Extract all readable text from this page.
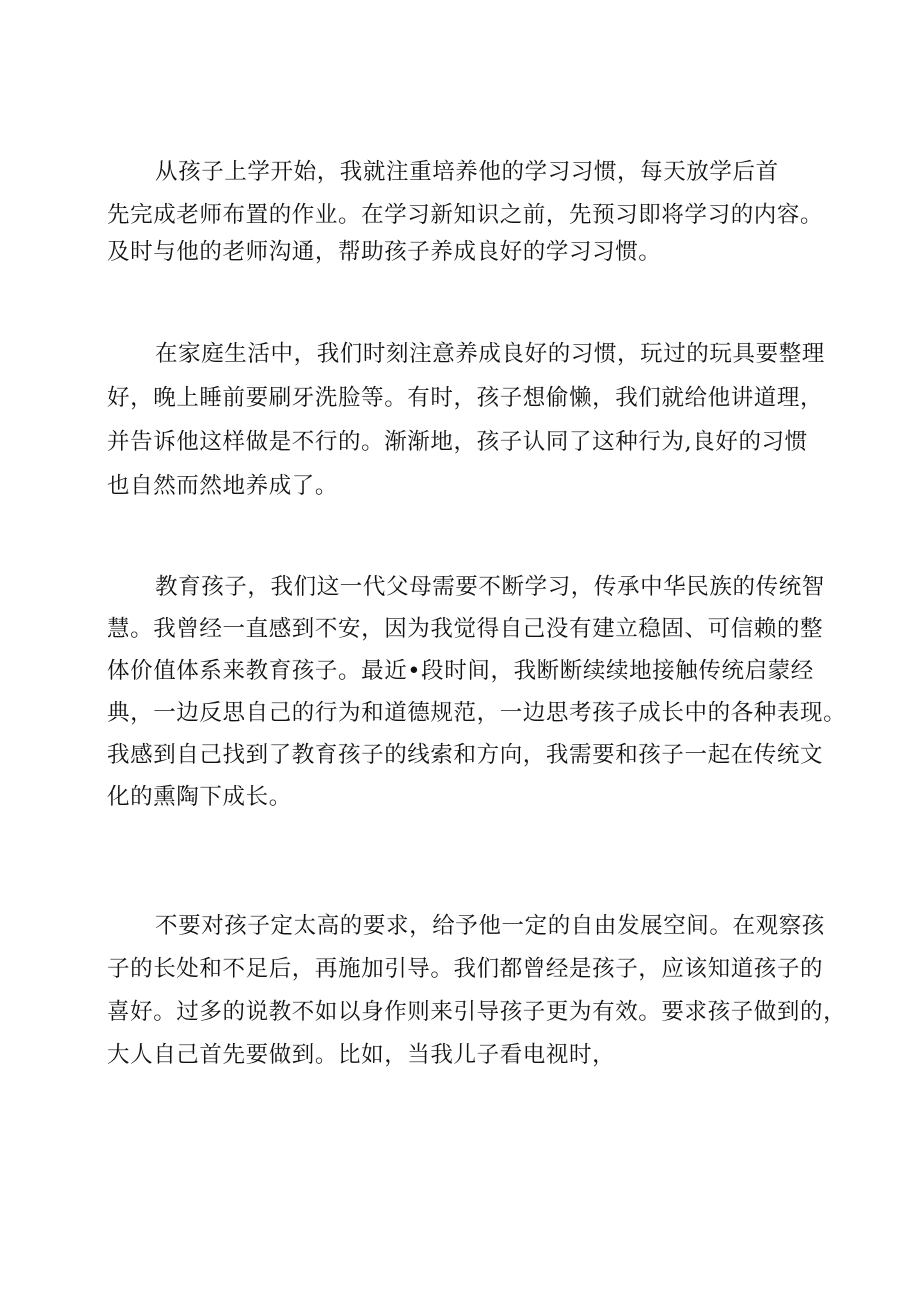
从孩子上学开始，我就注重培养他的学习习惯，每天放学后首
先完成老师布置的作业。在学习新知识之前，先预习即将学习的内容。
及时与他的老师沟通，帮助孩子养成良好的学习习惯。
在家庭生活中，我们时刻注意养成良好的习惯，玩过的玩具要整理
好，晚上睡前要刷牙洗脸等。有时，孩子想偷懒，我们就给他讲道理，
并告诉他这样做是不行的。渐渐地，孩子认同了这种行为,良好的习惯
也自然而然地养成了。
教育孩子，我们这一代父母需要不断学习，传承中华民族的传统智
慧。我曾经一直感到不安，因为我觉得自己没有建立稳固、可信赖的整
体价值体系来教育孩子。最近•段时间，我断断续续地接触传统启蒙经
典，一边反思自己的行为和道德规范，一边思考孩子成长中的各种表现。
我感到自己找到了教育孩子的线索和方向，我需要和孩子一起在传统文
化的熏陶下成长。
不要对孩子定太高的要求，给予他一定的自由发展空间。在观察孩
子的长处和不足后，再施加引导。我们都曾经是孩子，应该知道孩子的
喜好。过多的说教不如以身作则来引导孩子更为有效。要求孩子做到的，
大人自己首先要做到。比如，当我儿子看电视时，
